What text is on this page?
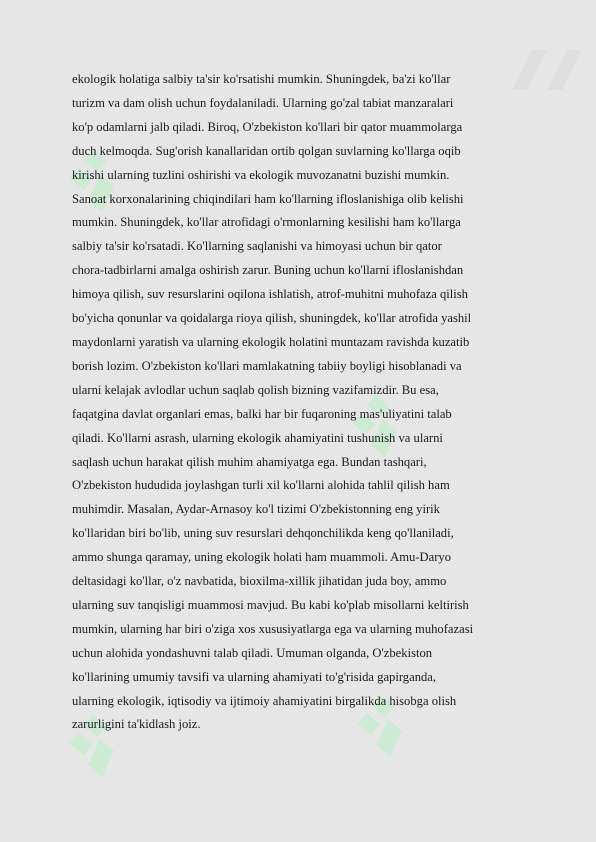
ekologik holatiga salbiy ta'sir ko'rsatishi mumkin. Shuningdek, ba'zi ko'llar
turizm va dam olish uchun foydalaniladi. Ularning go'zal tabiat manzaralari
ko'p odamlarni jalb qiladi. Biroq, O'zbekiston ko'llari bir qator muammolarga
duch kelmoqda. Sug'orish kanallaridan ortib qolgan suvlarning ko'llarga oqib
kirishi ularning tuzlini oshirishi va ekologik muvozanatni buzishi mumkin.
Sanoat korxonalarining chiqindilari ham ko'llarning ifloslanishiga olib kelishi
mumkin. Shuningdek, ko'llar atrofidagi o'rmonlarning kesilishi ham ko'llarga
salbiy ta'sir ko'rsatadi. Ko'llarning saqlanishi va himoyasi uchun bir qator
chora-tadbirlarni amalga oshirish zarur. Buning uchun ko'llarni ifloslanishdan
himoya qilish, suv resurslarini oqilona ishlatish, atrof-muhitni muhofaza qilish
bo'yicha qonunlar va qoidalarga rioya qilish, shuningdek, ko'llar atrofida yashil
maydonlarni yaratish va ularning ekologik holatini muntazam ravishda kuzatib
borish lozim. O'zbekiston ko'llari mamlakatning tabiiy boyligi hisoblanadi va
ularni kelajak avlodlar uchun saqlab qolish bizning vazifamizdir. Bu esa,
faqatgina davlat organlari emas, balki har bir fuqaroning mas'uliyatini talab
qiladi. Ko'llarni asrash, ularning ekologik ahamiyatini tushunish va ularni
saqlash uchun harakat qilish muhim ahamiyatga ega. Bundan tashqari,
O'zbekiston hududida joylashgan turli xil ko'llarni alohida tahlil qilish ham
muhimdir. Masalan, Aydar-Arnasoy ko'l tizimi O'zbekistonning eng yirik
ko'llaridan biri bo'lib, uning suv resurslari dehqonchilikda keng qo'llaniladi,
ammo shunga qaramay, uning ekologik holati ham muammoli. Amu-Daryo
deltasidagi ko'llar, o'z navbatida, bioxilma-xillik jihatidan juda boy, ammo
ularning suv tanqisligi muammosi mavjud. Bu kabi ko'plab misollarni keltirish
mumkin, ularning har biri o'ziga xos xususiyatlarga ega va ularning muhofazasi
uchun alohida yondashuvni talab qiladi. Umuman olganda, O'zbekiston
ko'llarining umumiy tavsifi va ularning ahamiyati to'g'risida gapirganda,
ularning ekologik, iqtisodiy va ijtimoiy ahamiyatini birgalikda hisobga olish
zarurligini ta'kidlash joiz.
